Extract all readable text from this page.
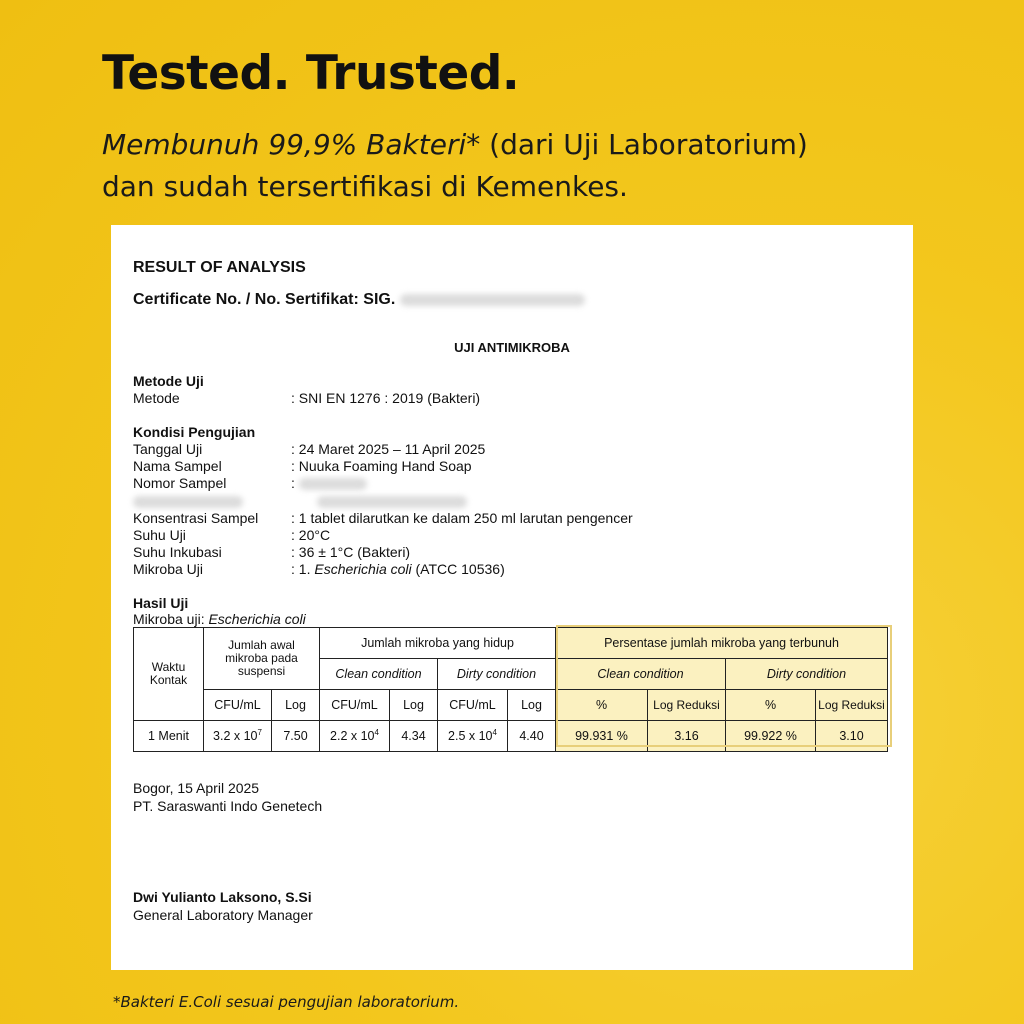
Tested. Trusted.
Membunuh 99,9% Bakteri* (dari Uji Laboratorium)
dan sudah tersertifikasi di Kemenkes.
RESULT OF ANALYSIS
Certificate No. / No. Sertifikat: SIG.
UJI ANTIMIKROBA
Metode Uji
Metode	: SNI EN 1276 : 2019 (Bakteri)
Kondisi Pengujian
Tanggal Uji	: 24 Maret 2025 – 11 April 2025
Nama Sampel	: Nuuka Foaming Hand Soap
Nomor Sampel	:

Konsentrasi Sampel : 1 tablet dilarutkan ke dalam 250 ml larutan pengencer
Suhu Uji	: 20°C
Suhu Inkubasi	: 36 ± 1°C (Bakteri)
Mikroba Uji	: 1. Escherichia coli (ATCC 10536)
Hasil Uji
Mikroba uji: Escherichia coli
Waktu Kontak	Jumlah awal mikroba pada suspensi		Jumlah mikroba yang hidup				Persentase jumlah mikroba yang terbunuh			
			Clean condition		Dirty condition		Clean condition		Dirty condition	
	CFU/mL	Log	CFU/mL	Log	CFU/mL	Log	%	Log Reduksi	%	Log Reduksi
1 Menit	3.2 x $10^7$	7.50	2.2 x $10^4$	4.34	2.5 x $10^4$	4.40	99.931 %	3.16	99.922 %	3.10
Bogor, 15 April 2025
PT. Saraswanti Indo Genetech
Dwi Yulianto Laksono, S.Si
General Laboratory Manager
*Bakteri E.Coli sesuai pengujian laboratorium.
